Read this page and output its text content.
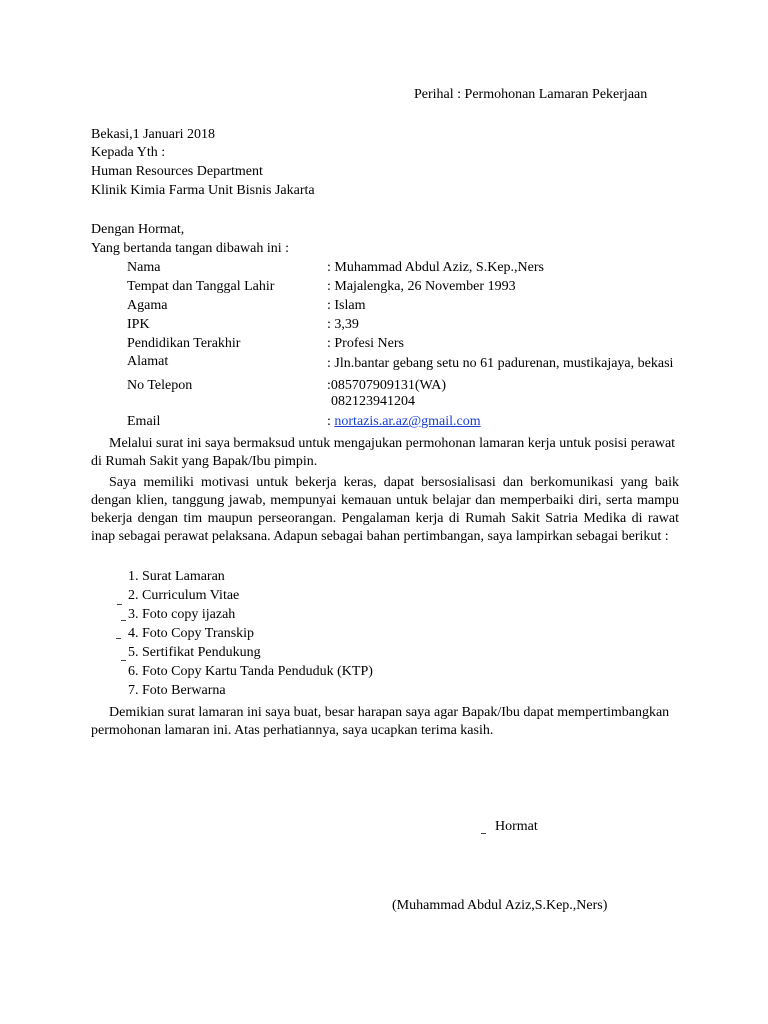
Perihal : Permohonan Lamaran Pekerjaan
Bekasi,1 Januari 2018
Kepada Yth :
Human Resources Department
Klinik Kimia Farma Unit Bisnis Jakarta
Dengan Hormat,
Yang bertanda tangan dibawah ini :
Nama	: Muhammad Abdul Aziz, S.Kep.,Ners
Tempat dan Tanggal Lahir	: Majalengka, 26 November 1993
Agama	: Islam
IPK	: 3,39
Pendidikan Terakhir	: Profesi Ners
Alamat	: Jln.bantar gebang setu no 61 padurenan, mustikajaya, bekasi
No Telepon	:085707909131(WA)
082123941204
Email	: nortazis.ar.az@gmail.com
Melalui surat ini saya bermaksud untuk mengajukan permohonan lamaran kerja untuk posisi perawat di Rumah Sakit yang Bapak/Ibu pimpin.
Saya memiliki motivasi untuk bekerja keras, dapat bersosialisasi dan berkomunikasi yang baik dengan klien, tanggung jawab, mempunyai kemauan untuk belajar dan memperbaiki diri, serta mampu bekerja dengan tim maupun perseorangan. Pengalaman kerja di Rumah Sakit Satria Medika di rawat inap sebagai perawat pelaksana. Adapun sebagai bahan pertimbangan, saya lampirkan sebagai berikut :
1. Surat Lamaran
2. Curriculum Vitae
3. Foto copy ijazah
4. Foto Copy Transkip
5. Sertifikat Pendukung
6. Foto Copy Kartu Tanda Penduduk (KTP)
7. Foto Berwarna
Demikian surat lamaran ini saya buat, besar harapan saya agar Bapak/Ibu dapat mempertimbangkan permohonan lamaran ini. Atas perhatiannya, saya ucapkan terima kasih.
Hormat
(Muhammad Abdul Aziz,S.Kep.,Ners)
